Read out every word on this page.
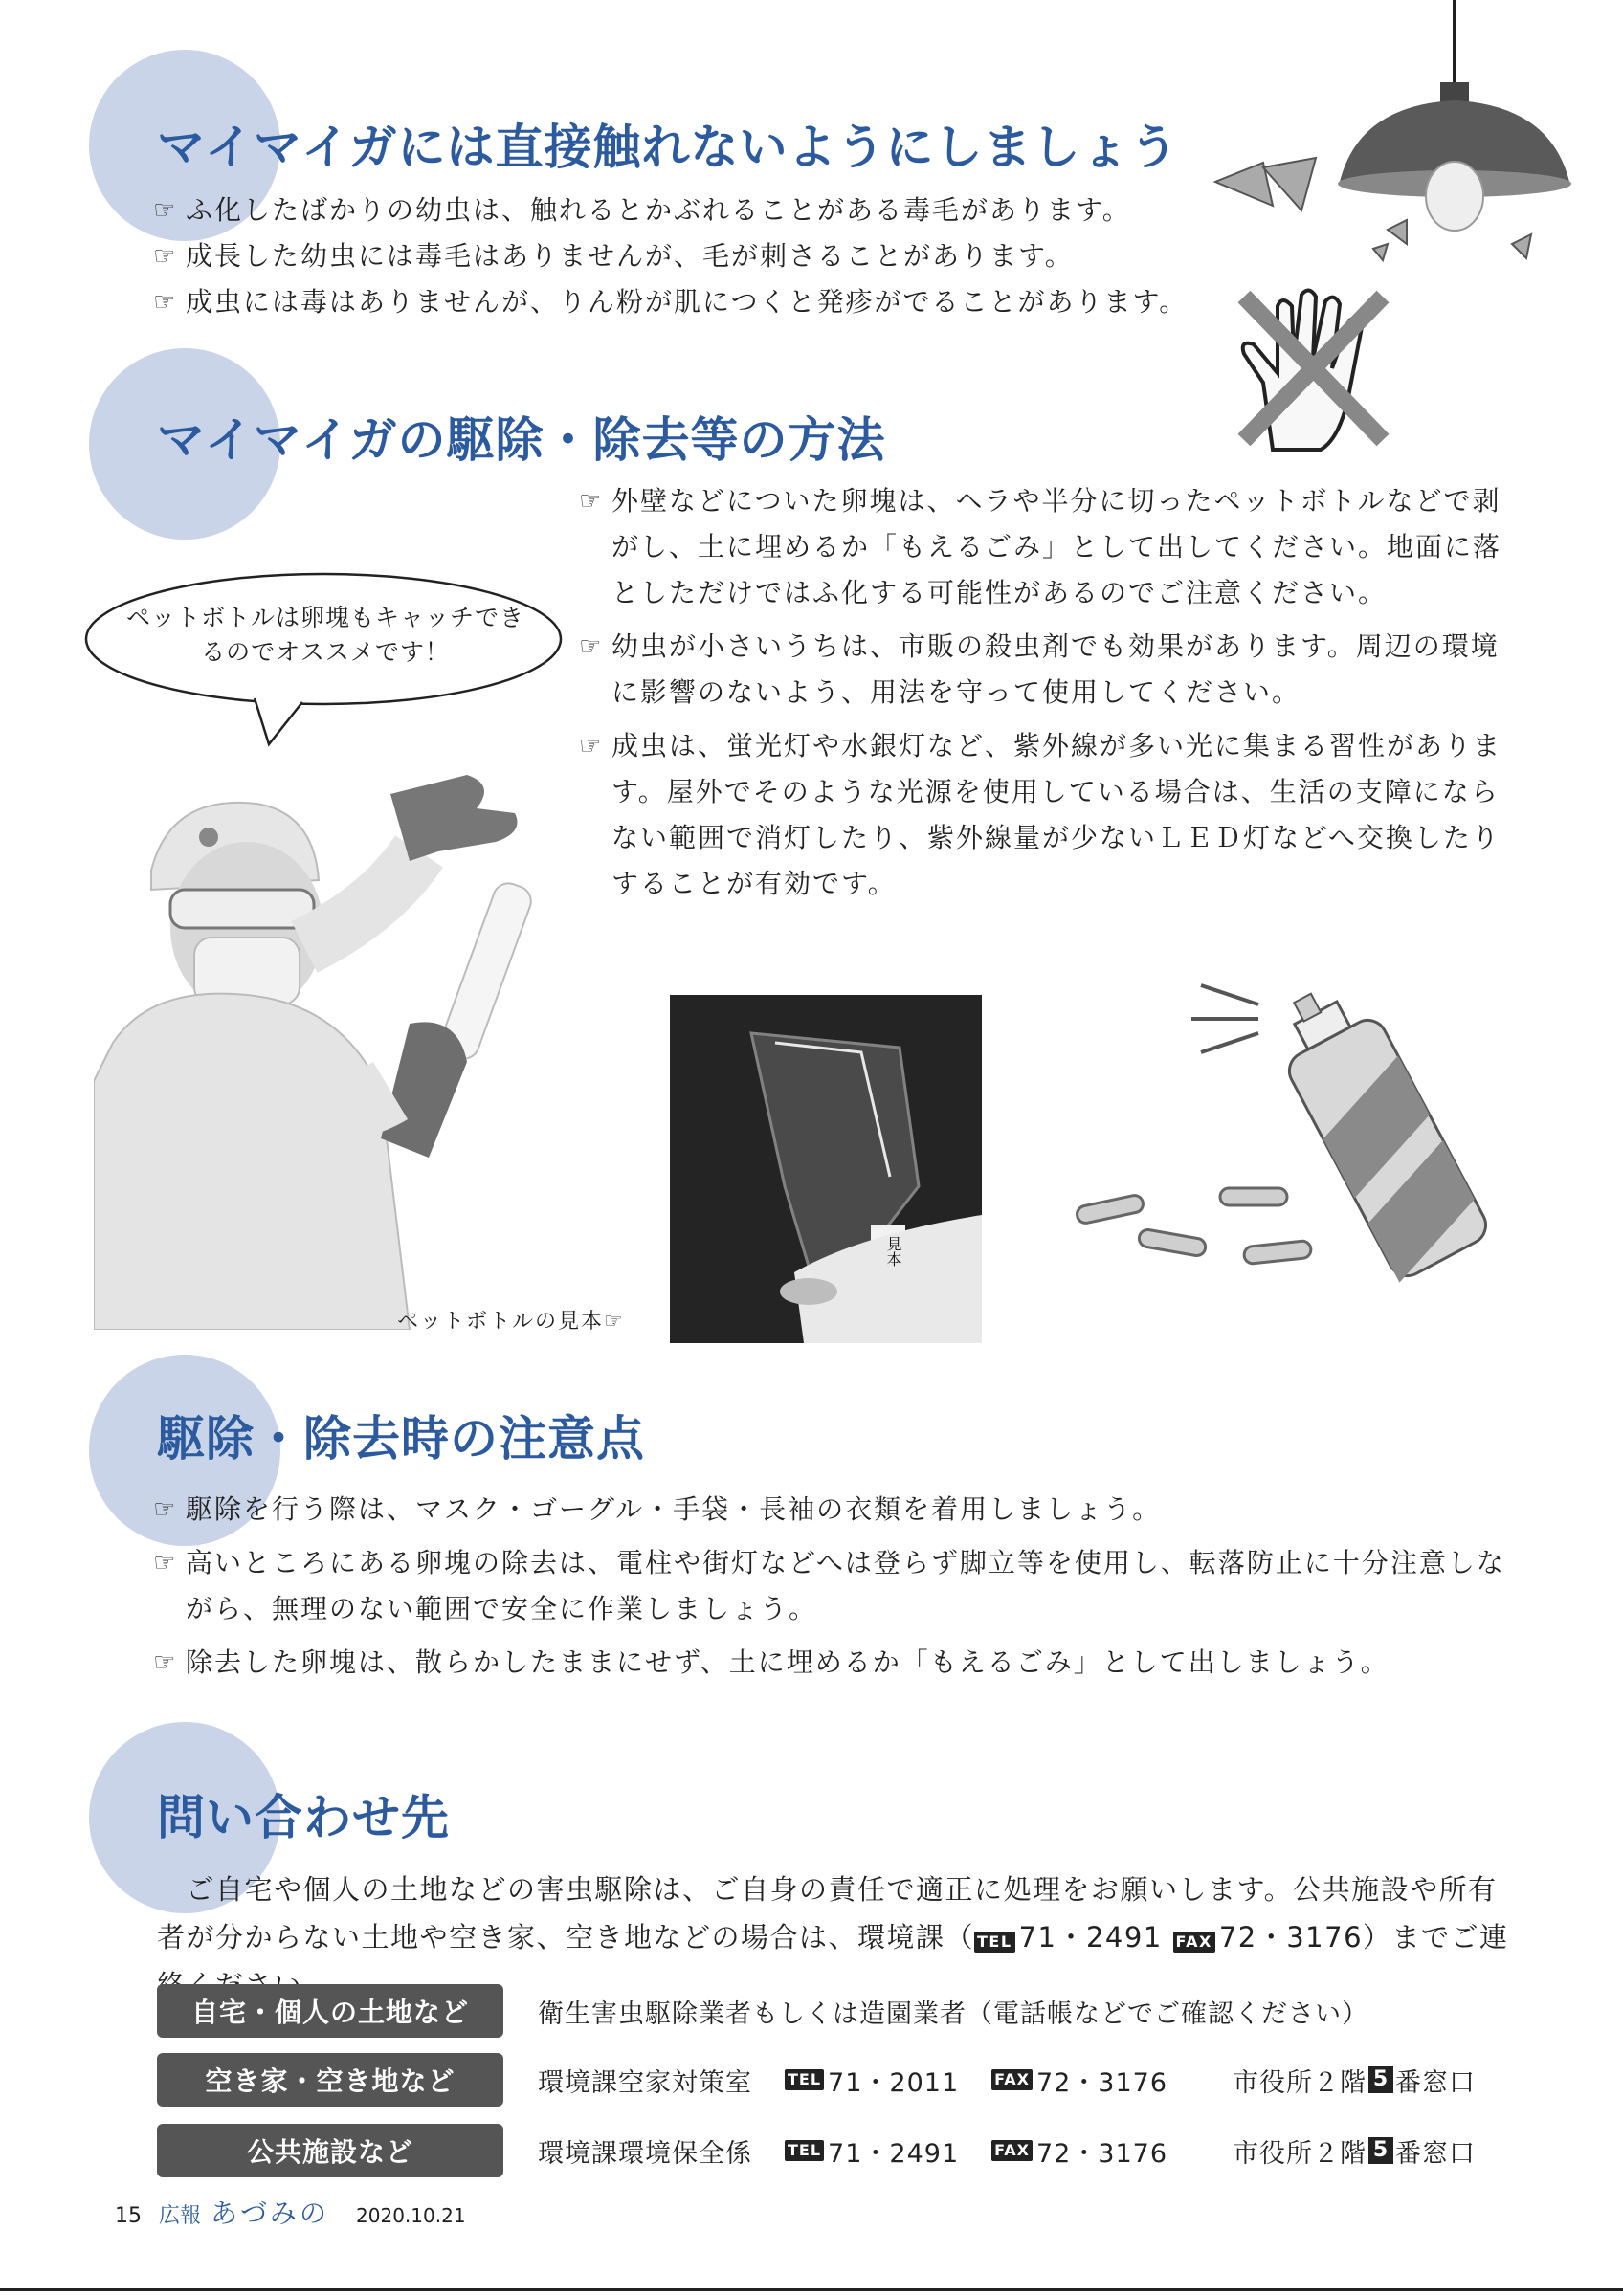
マイマイガには直接触れないようにしましょう
☞ ふ化したばかりの幼虫は、触れるとかぶれることがある毒毛があります。
☞ 成長した幼虫には毒毛はありませんが、毛が刺さることがあります。
☞ 成虫には毒はありませんが、りん粉が肌につくと発疹がでることがあります。
マイマイガの駆除・除去等の方法
☞ 外壁などについた卵塊は、ヘラや半分に切ったペットボトルなどで剥がし、土に埋めるか「もえるごみ」として出してください。地面に落としただけではふ化する可能性があるのでご注意ください。
☞ 幼虫が小さいうちは、市販の殺虫剤でも効果があります。周辺の環境に影響のないよう、用法を守って使用してください。
☞ 成虫は、蛍光灯や水銀灯など、紫外線が多い光に集まる習性があります。屋外でそのような光源を使用している場合は、生活の支障にならない範囲で消灯したり、紫外線量が少ないＬＥＤ灯などへ交換したりすることが有効です。
ペットボトルは卵塊もキャッチできるのでオススメです！
ペットボトルの見本☞
見本
駆除・除去時の注意点
☞ 駆除を行う際は、マスク・ゴーグル・手袋・長袖の衣類を着用しましょう。
☞ 高いところにある卵塊の除去は、電柱や街灯などへは登らず脚立等を使用し、転落防止に十分注意しながら、無理のない範囲で安全に作業しましょう。
☞ 除去した卵塊は、散らかしたままにせず、土に埋めるか「もえるごみ」として出しましょう。
問い合わせ先
　ご自宅や個人の土地などの害虫駆除は、ご自身の責任で適正に処理をお願いします。公共施設や所有者が分からない土地や空き家、空き地などの場合は、環境課（ TEL 71・2491 FAX 72・3176）までご連
自宅・個人の土地など	衛生害虫駆除業者もしくは造園業者（電話帳などでご確認ください）
空き家・空き地など	環境課空家対策室 TEL 71・2011 FAX 72・3176	市役所２階 5 番窓口
公共施設など	環境課環境保全係 TEL 71・2491 FAX 72・3176	市役所２階 5 番窓口
15 広報 あづみの 2020.10.21
